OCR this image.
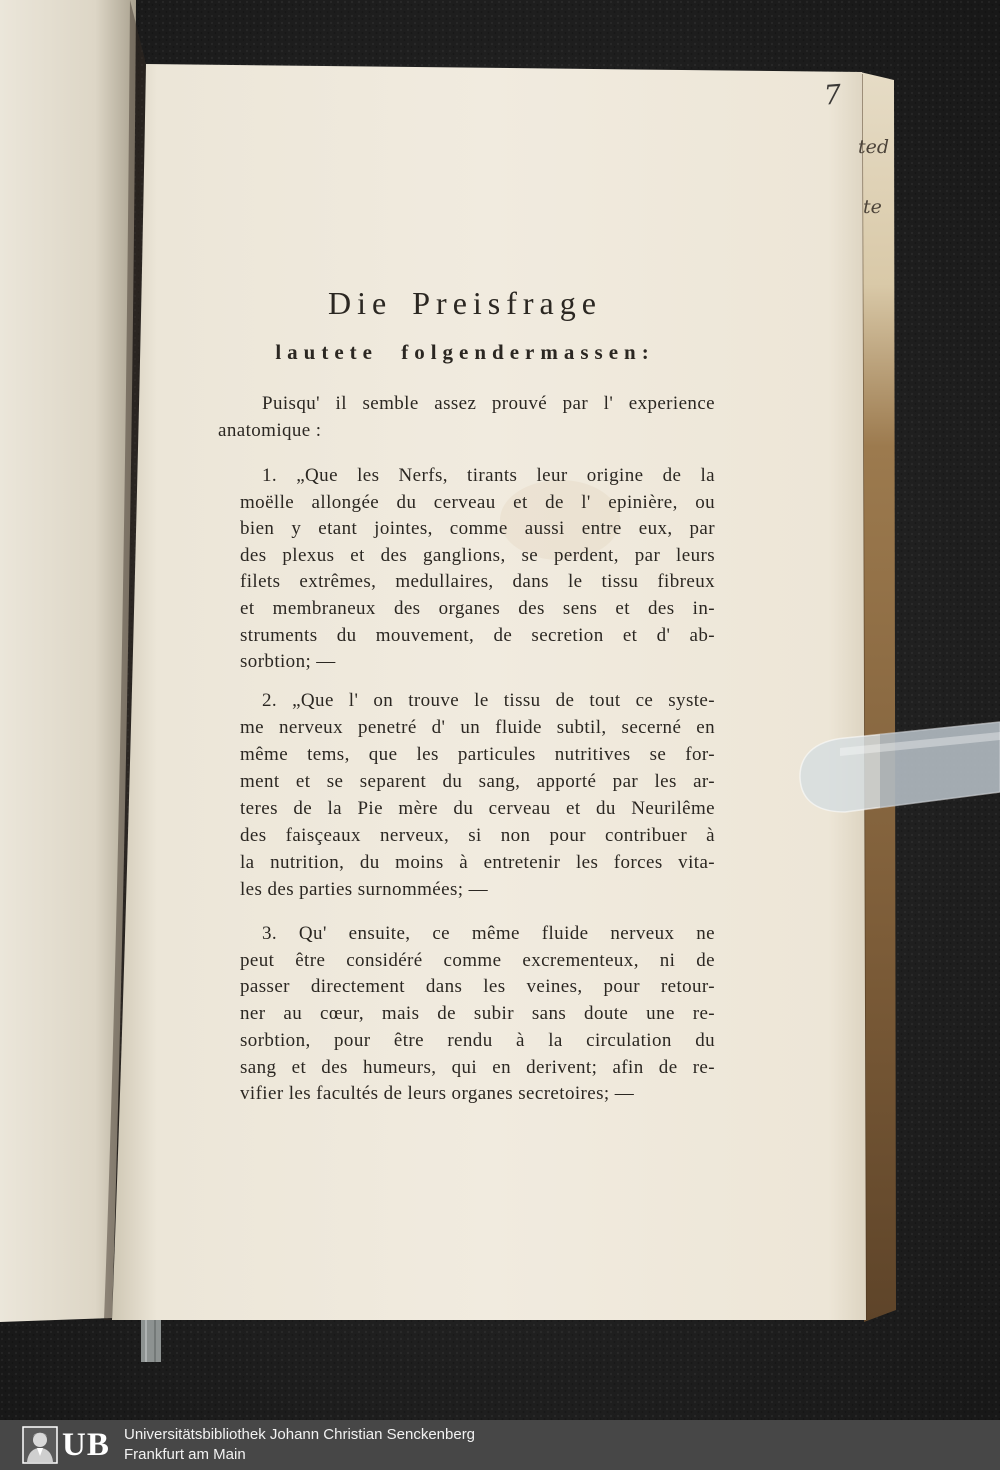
7
ted
te
Die Preisfrage
lautete folgendermassen:
Puisqu' il semble assez prouvé par l' experience
anatomique :
1. „Que les Nerfs, tirants leur origine de la
moëlle allongée du cerveau et de l' epinière, ou
bien y etant jointes, comme aussi entre eux, par
des plexus et des ganglions, se perdent, par leurs
filets extrêmes, medullaires, dans le tissu fibreux
et membraneux des organes des sens et des in-
struments du mouvement, de secretion et d' ab-
sorbtion; —
2. „Que l' on trouve le tissu de tout ce syste-
me nerveux penetré d' un fluide subtil, secerné en
même tems, que les particules nutritives se for-
ment et se separent du sang, apporté par les ar-
teres de la Pie mère du cerveau et du Neurilême
des faisçeaux nerveux, si non pour contribuer à
la nutrition, du moins à entretenir les forces vita-
les des parties surnommées; —
3. Qu' ensuite, ce même fluide nerveux ne
peut être considéré comme excrementeux, ni de
passer directement dans les veines, pour retour-
ner au cœur, mais de subir sans doute une re-
sorbtion, pour être rendu à la circulation du
sang et des humeurs, qui en derivent; afin de re-
vifier les facultés de leurs organes secretoires; —
UB Universitätsbibliothek Johann Christian Senckenberg
Frankfurt am Main
